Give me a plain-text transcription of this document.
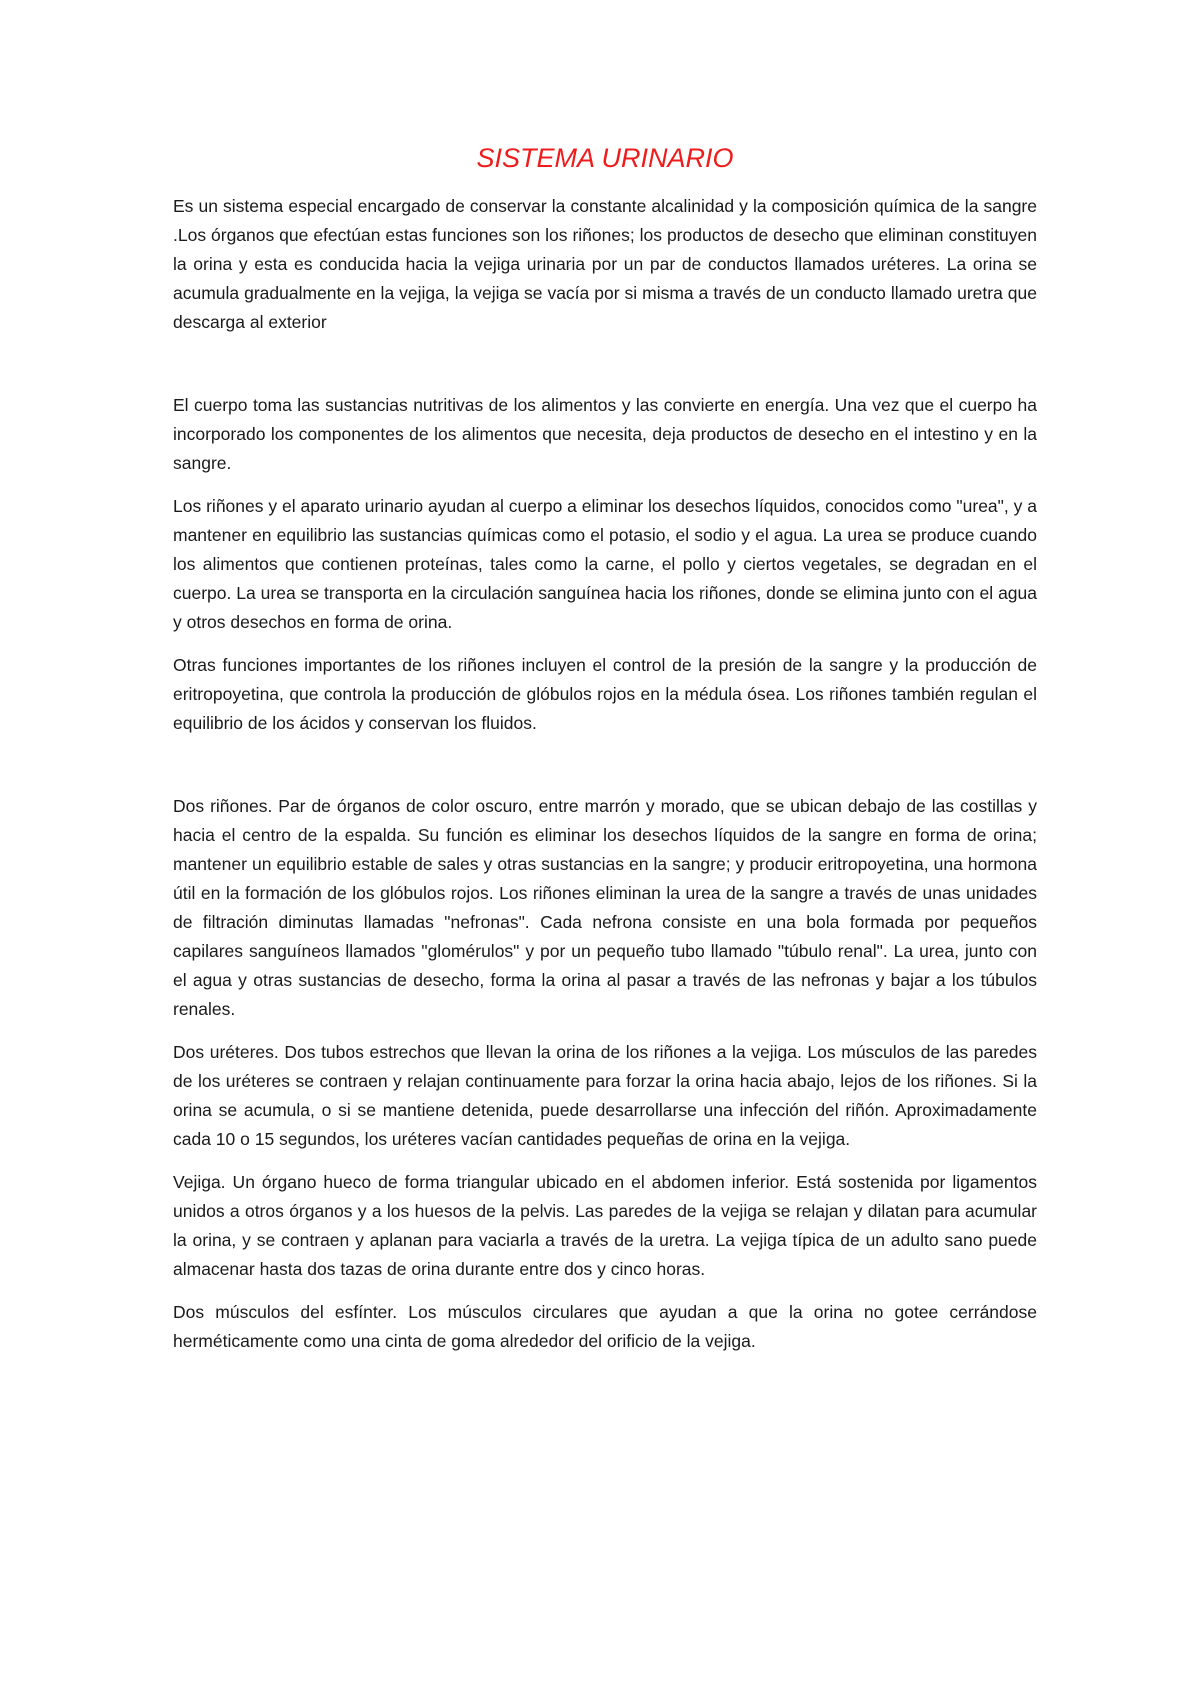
SISTEMA URINARIO

Es un sistema especial encargado de conservar la constante alcalinidad y la composición química de la sangre .Los órganos que efectúan estas funciones son los riñones; los productos de desecho que eliminan constituyen la orina y esta es conducida hacia la vejiga urinaria por un par de conductos llamados uréteres. La orina se acumula gradualmente en la vejiga, la vejiga se vacía por si misma a través de un conducto llamado uretra que descarga al exterior

El cuerpo toma las sustancias nutritivas de los alimentos y las convierte en energía. Una vez que el cuerpo ha incorporado los componentes de los alimentos que necesita, deja productos de desecho en el intestino y en la sangre.

Los riñones y el aparato urinario ayudan al cuerpo a eliminar los desechos líquidos, conocidos como "urea", y a mantener en equilibrio las sustancias químicas como el potasio, el sodio y el agua. La urea se produce cuando los alimentos que contienen proteínas, tales como la carne, el pollo y ciertos vegetales, se degradan en el cuerpo. La urea se transporta en la circulación sanguínea hacia los riñones, donde se elimina junto con el agua y otros desechos en forma de orina.

Otras funciones importantes de los riñones incluyen el control de la presión de la sangre y la producción de eritropoyetina, que controla la producción de glóbulos rojos en la médula ósea. Los riñones también regulan el equilibrio de los ácidos y conservan los fluidos.

Dos riñones. Par de órganos de color oscuro, entre marrón y morado, que se ubican debajo de las costillas y hacia el centro de la espalda. Su función es eliminar los desechos líquidos de la sangre en forma de orina; mantener un equilibrio estable de sales y otras sustancias en la sangre; y producir eritropoyetina, una hormona útil en la formación de los glóbulos rojos. Los riñones eliminan la urea de la sangre a través de unas unidades de filtración diminutas llamadas "nefronas". Cada nefrona consiste en una bola formada por pequeños capilares sanguíneos llamados "glomérulos" y por un pequeño tubo llamado "túbulo renal". La urea, junto con el agua y otras sustancias de desecho, forma la orina al pasar a través de las nefronas y bajar a los túbulos renales.

Dos uréteres. Dos tubos estrechos que llevan la orina de los riñones a la vejiga. Los músculos de las paredes de los uréteres se contraen y relajan continuamente para forzar la orina hacia abajo, lejos de los riñones. Si la orina se acumula, o si se mantiene detenida, puede desarrollarse una infección del riñón. Aproximadamente cada 10 o 15 segundos, los uréteres vacían cantidades pequeñas de orina en la vejiga.

Vejiga. Un órgano hueco de forma triangular ubicado en el abdomen inferior. Está sostenida por ligamentos unidos a otros órganos y a los huesos de la pelvis. Las paredes de la vejiga se relajan y dilatan para acumular la orina, y se contraen y aplanan para vaciarla a través de la uretra. La vejiga típica de un adulto sano puede almacenar hasta dos tazas de orina durante entre dos y cinco horas.

Dos músculos del esfínter. Los músculos circulares que ayudan a que la orina no gotee cerrándose herméticamente como una cinta de goma alrededor del orificio de la vejiga.
